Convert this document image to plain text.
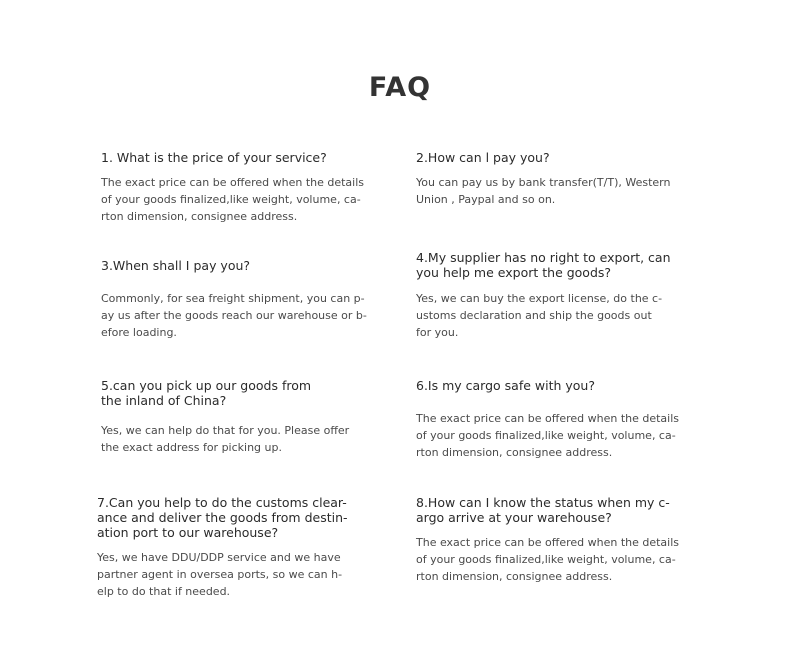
FAQ
1. What is the price of your service?

The exact price can be offered when the details
of your goods finalized,like weight, volume, ca-
rton dimension, consignee address.

2.How can l pay you?

You can pay us by bank transfer(T/T), Western
Union , Paypal and so on.

3.When shall I pay you?

Commonly, for sea freight shipment, you can p-
ay us after the goods reach our warehouse or b-
efore loading.

4.My supplier has no right to export, can
you help me export the goods?

Yes, we can buy the export license, do the c-
ustoms declaration and ship the goods out
for you.

5.can you pick up our goods from
the inland of China?

Yes, we can help do that for you. Please offer
the exact address for picking up.

6.Is my cargo safe with you?

The exact price can be offered when the details
of your goods finalized,like weight, volume, ca-
rton dimension, consignee address.

7.Can you help to do the customs clear-
ance and deliver the goods from destin-
ation port to our warehouse?

Yes, we have DDU/DDP service and we have
partner agent in oversea ports, so we can h-
elp to do that if needed.

8.How can I know the status when my c-
argo arrive at your warehouse?

The exact price can be offered when the details
of your goods finalized,like weight, volume, ca-
rton dimension, consignee address.
